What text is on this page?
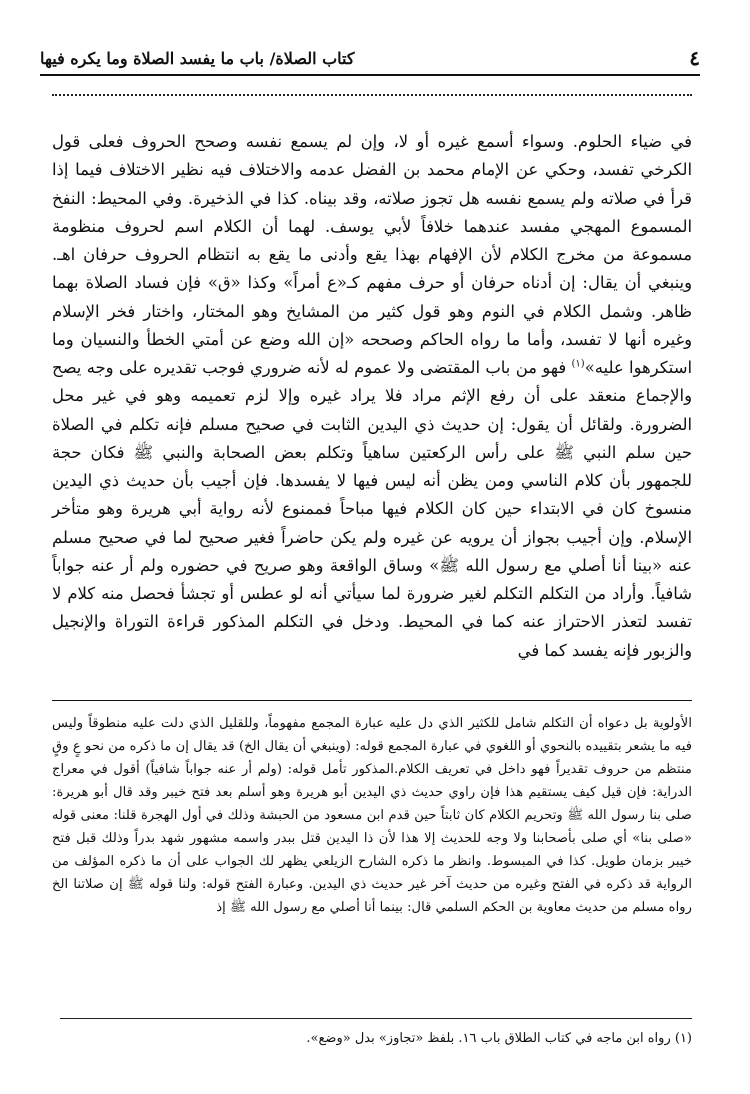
٤
كتاب الصلاة/ باب ما يفسد الصلاة وما يكره فيها

في ضياء الحلوم. وسواء أسمع غيره أو لا، وإن لم يسمع نفسه وصحح الحروف فعلى قول الكرخي تفسد، وحكي عن الإمام محمد بن الفضل عدمه والاختلاف فيه نظير الاختلاف فيما إذا قرأ في صلاته ولم يسمع نفسه هل تجوز صلاته، وقد بيناه. كذا في الذخيرة. وفي المحيط: النفخ المسموع المهجي مفسد عندهما خلافاً لأبي يوسف. لهما أن الكلام اسم لحروف منظومة مسموعة من مخرج الكلام لأن الإفهام بهذا يقع وأدنى ما يقع به انتظام الحروف حرفان اهـ. وينبغي أن يقال: إن أدناه حرفان أو حرف مفهم كـ«ع أمراً» وكذا «ق» فإن فساد الصلاة بهما ظاهر. وشمل الكلام في النوم وهو قول كثير من المشايخ وهو المختار، واختار فخر الإسلام وغيره أنها لا تفسد، وأما ما رواه الحاكم وصححه «إن الله وضع عن أمتي الخطأ والنسيان وما استكرهوا عليه»$^{(١)}$ فهو من باب المقتضى ولا عموم له لأنه ضروري فوجب تقديره على وجه يصح والإجماع منعقد على أن رفع الإثم مراد فلا يراد غيره وإلا لزم تعميمه وهو في غير محل الضرورة. ولقائل أن يقول: إن حديث ذي اليدين الثابت في صحيح مسلم فإنه تكلم في الصلاة حين سلم النبي ﷺ على رأس الركعتين ساهياً وتكلم بعض الصحابة والنبي ﷺ فكان حجة للجمهور بأن كلام الناسي ومن يظن أنه ليس فيها لا يفسدها. فإن أجيب بأن حديث ذي اليدين منسوخ كان في الابتداء حين كان الكلام فيها مباحاً فممنوع لأنه رواية أبي هريرة وهو متأخر الإسلام. وإن أجيب بجواز أن يرويه عن غيره ولم يكن حاضراً فغير صحيح لما في صحيح مسلم عنه «بينا أنا أصلي مع رسول الله ﷺ» وساق الواقعة وهو صريح في حضوره ولم أر عنه جواباً شافياً. وأراد من التكلم التكلم لغير ضرورة لما سيأتي أنه لو عطس أو تجشأ فحصل منه كلام لا تفسد لتعذر الاحتراز عنه كما في المحيط. ودخل في التكلم المذكور قراءة التوراة والإنجيل والزبور فإنه يفسد كما في

الأولوية بل دعواه أن التكلم شامل للكثير الذي دل عليه عبارة المجمع مفهوماً، وللقليل الذي دلت عليه منطوقاً وليس فيه ما يشعر بتقييده بالنحوي أو اللغوي في عبارة المجمع قوله: (وينبغي أن يقال الخ) قد يقال إن ما ذكره من نحو عٍ وقٍ منتظم من حروف تقديراً فهو داخل في تعريف الكلام.المذكور تأمل قوله: (ولم أر عنه جواباً شافياً) أقول في معراج الدراية: فإن قيل كيف يستقيم هذا فإن راوي حديث ذي اليدين أبو هريرة وهو أسلم بعد فتح خيبر وقد قال أبو هريرة: صلى بنا رسول الله ﷺ وتحريم الكلام كان ثابتاً حين قدم ابن مسعود من الحبشة وذلك في أول الهجرة قلنا: معنى قوله «صلى بنا» أي صلى بأصحابنا ولا وجه للحديث إلا هذا لأن ذا اليدين قتل ببدر واسمه مشهور شهد بدراً وذلك قبل فتح خيبر بزمان طويل. كذا في المبسوط. وانظر ما ذكره الشارح الزيلعي يظهر لك الجواب على أن ما ذكره المؤلف من الرواية قد ذكره في الفتح وغيره من حديث آخر غير حديث ذي اليدين. وعبارة الفتح قوله: ولنا قوله ﷺ إن صلاتنا الخ رواه مسلم من حديث معاوية بن الحكم السلمي قال: بينما أنا أصلي مع رسول الله ﷺ إذ

(١) رواه ابن ماجه في كتاب الطلاق باب ١٦. بلفظ «تجاوز» بدل «وضع».
